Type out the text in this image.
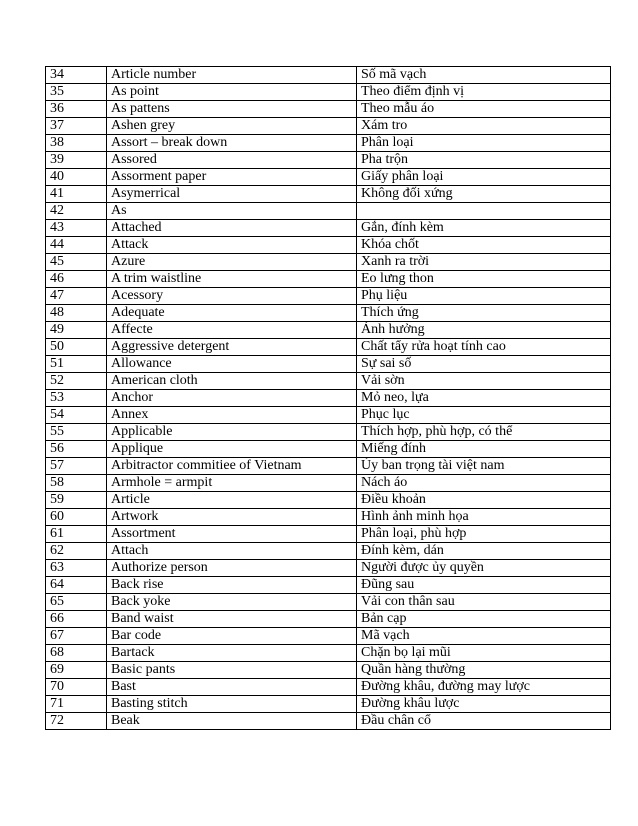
34	Article number	Số mã vạch
35	As point	Theo điểm định vị
36	As pattens	Theo mẫu áo
37	Ashen grey	Xám tro
38	Assort – break down	Phân loại
39	Assored	Pha trộn
40	Assorment paper	Giấy phân loại
41	Asymerrical	Không đối xứng
42	As	
43	Attached	Gắn, đính kèm
44	Attack	Khóa chốt
45	Azure	Xanh ra trời
46	A trim waistline	Eo lưng thon
47	Acessory	Phụ liệu
48	Adequate	Thích ứng
49	Affecte	Ảnh hưởng
50	Aggressive detergent	Chất tẩy rửa hoạt tính cao
51	Allowance	Sự sai số
52	American cloth	Vải sờn
53	Anchor	Mỏ neo, lựa
54	Annex	Phục lục
55	Applicable	Thích hợp, phù hợp, có thể
56	Applique	Miếng đính
57	Arbitractor commitiee of Vietnam	Ủy ban trọng tài việt nam
58	Armhole = armpit	Nách áo
59	Article	Điều khoản
60	Artwork	Hình ảnh minh họa
61	Assortment	Phân loại, phù hợp
62	Attach	Đính kèm, dán
63	Authorize person	Người được ủy quyền
64	Back rise	Đũng sau
65	Back yoke	Vải con thân sau
66	Band waist	Bản cạp
67	Bar code	Mã vạch
68	Bartack	Chặn bọ lại mũi
69	Basic pants	Quần hàng thường
70	Bast	Đường khâu, đường may lược
71	Basting stitch	Đường khâu lược
72	Beak	Đầu chân cổ
